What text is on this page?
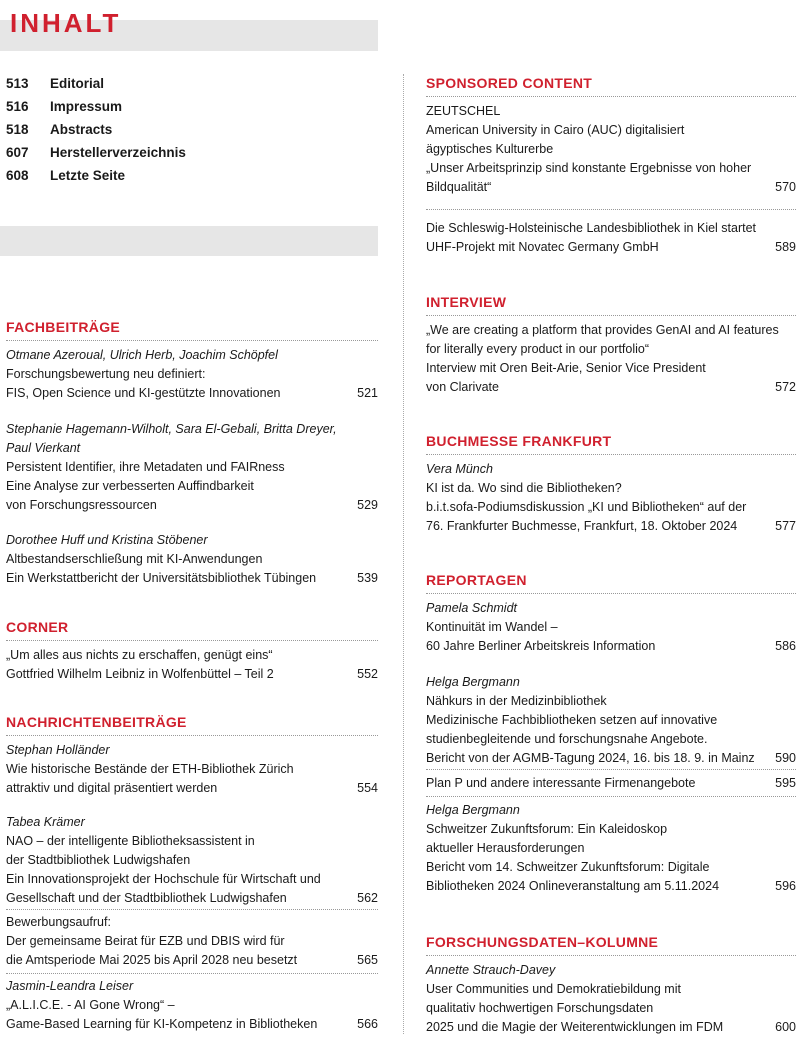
INHALT
513	Editorial
516	Impressum
518	Abstracts
607	Herstellerverzeichnis
608	Letzte Seite
FACHBEITRÄGE
CORNER
NACHRICHTENBEITRÄGE
SPONSORED CONTENT
INTERVIEW
BUCHMESSE FRANKFURT
REPORTAGEN
FORSCHUNGSDATEN–KOLUMNE
Otmane Azeroual, Ulrich Herb, Joachim Schöpfel
Forschungsbewertung neu definiert:
FIS, Open Science und KI-gestützte Innovationen	521
Stephanie Hagemann-Wilholt, Sara El-Gebali, Britta Dreyer,
Paul Vierkant
Persistent Identifier, ihre Metadaten und FAIRness
Eine Analyse zur verbesserten Auffindbarkeit
von Forschungsressourcen	529
Dorothee Huff und Kristina Stöbener
Altbestandserschließung mit KI-Anwendungen
Ein Werkstattbericht der Universitätsbibliothek Tübingen	539
„Um alles aus nichts zu erschaffen, genügt eins“
Gottfried Wilhelm Leibniz in Wolfenbüttel – Teil 2	552
Stephan Holländer
Wie historische Bestände der ETH-Bibliothek Zürich
attraktiv und digital präsentiert werden	554
Tabea Krämer
NAO – der intelligente Bibliotheksassistent in
der Stadtbibliothek Ludwigshafen
Ein Innovationsprojekt der Hochschule für Wirtschaft und
Gesellschaft und der Stadtbibliothek Ludwigshafen	562
Bewerbungsaufruf:
Der gemeinsame Beirat für EZB und DBIS wird für
die Amtsperiode Mai 2025 bis April 2028 neu besetzt	565
Jasmin-Leandra Leiser
„A.L.I.C.E. - AI Gone Wrong“ –
Game-Based Learning für KI-Kompetenz in Bibliotheken	566
ZEUTSCHEL
American University in Cairo (AUC) digitalisiert
ägyptisches Kulturerbe
„Unser Arbeitsprinzip sind konstante Ergebnisse von hoher
Bildqualität“	570
Die Schleswig-Holsteinische Landesbibliothek in Kiel startet
UHF-Projekt mit Novatec Germany GmbH	589
„We are creating a platform that provides GenAI and AI features
for literally every product in our portfolio“
Interview mit Oren Beit-Arie, Senior Vice President
von Clarivate	572
Vera Münch
KI ist da. Wo sind die Bibliotheken?
b.i.t.sofa-Podiumsdiskussion „KI und Bibliotheken“ auf der
76. Frankfurter Buchmesse, Frankfurt, 18. Oktober 2024	577
Pamela Schmidt
Kontinuität im Wandel –
60 Jahre Berliner Arbeitskreis Information	586
Helga Bergmann
Nähkurs in der Medizinbibliothek
Medizinische Fachbibliotheken setzen auf innovative
studienbegleitende und forschungsnahe Angebote.
Bericht von der AGMB-Tagung 2024, 16. bis 18. 9. in Mainz 590
Plan P und andere interessante Firmenangebote	595
Helga Bergmann
Schweitzer Zukunftsforum: Ein Kaleidoskop
aktueller Herausforderungen
Bericht vom 14. Schweitzer Zukunftsforum: Digitale
Bibliotheken 2024 Onlineveranstaltung am 5.11.2024	596
Annette Strauch-Davey
User Communities und Demokratiebildung mit
qualitativ hochwertigen Forschungsdaten
2025 und die Magie der Weiterentwicklungen im FDM	600
